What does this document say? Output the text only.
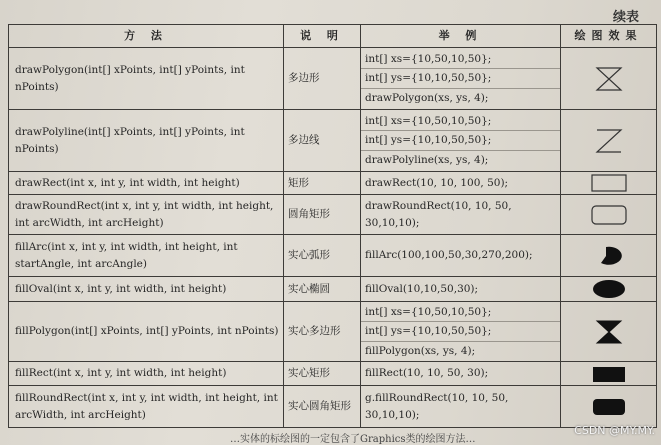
续表
方 法	说 明	举 例	绘图效果
drawPolygon(int[] xPoints, int[] yPoints, int nPoints)	多边形	int[] xs={10,50,10,50};
int[] ys={10,10,50,50};
drawPolygon(xs, ys, 4);

drawPolyline(int[] xPoints, int[] yPoints, int nPoints)	多边线	int[] xs={10,50,10,50};
int[] ys={10,10,50,50};
drawPolyline(xs, ys, 4);

drawRect(int x, int y, int width, int height)	矩形	drawRect(10, 10, 100, 50);

drawRoundRect(int x, int y, int width, int height, int arcWidth, int arcHeight)	圆角矩形	drawRoundRect(10, 10, 50, 30,10,10);

fillArc(int x, int y, int width, int height, int startAngle, int arcAngle)	实心弧形	fillArc(100,100,50,30,270,200);

fillOval(int x, int y, int width, int height)	实心椭圆	fillOval(10,10,50,30);

fillPolygon(int[] xPoints, int[] yPoints, int nPoints)	实心多边形	int[] xs={10,50,10,50};
int[] ys={10,10,50,50};
fillPolygon(xs, ys, 4);

fillRect(int x, int y, int width, int height)	实心矩形	fillRect(10, 10, 50, 30);

fillRoundRect(int x, int y, int width, int height, int arcWidth, int arcHeight)	实心圆角矩形	g.fillRoundRect(10, 10, 50, 30,10,10);

…实体的标绘图的一定包含了Graphics类的绘图方法…
CSDN @MY.MY.
